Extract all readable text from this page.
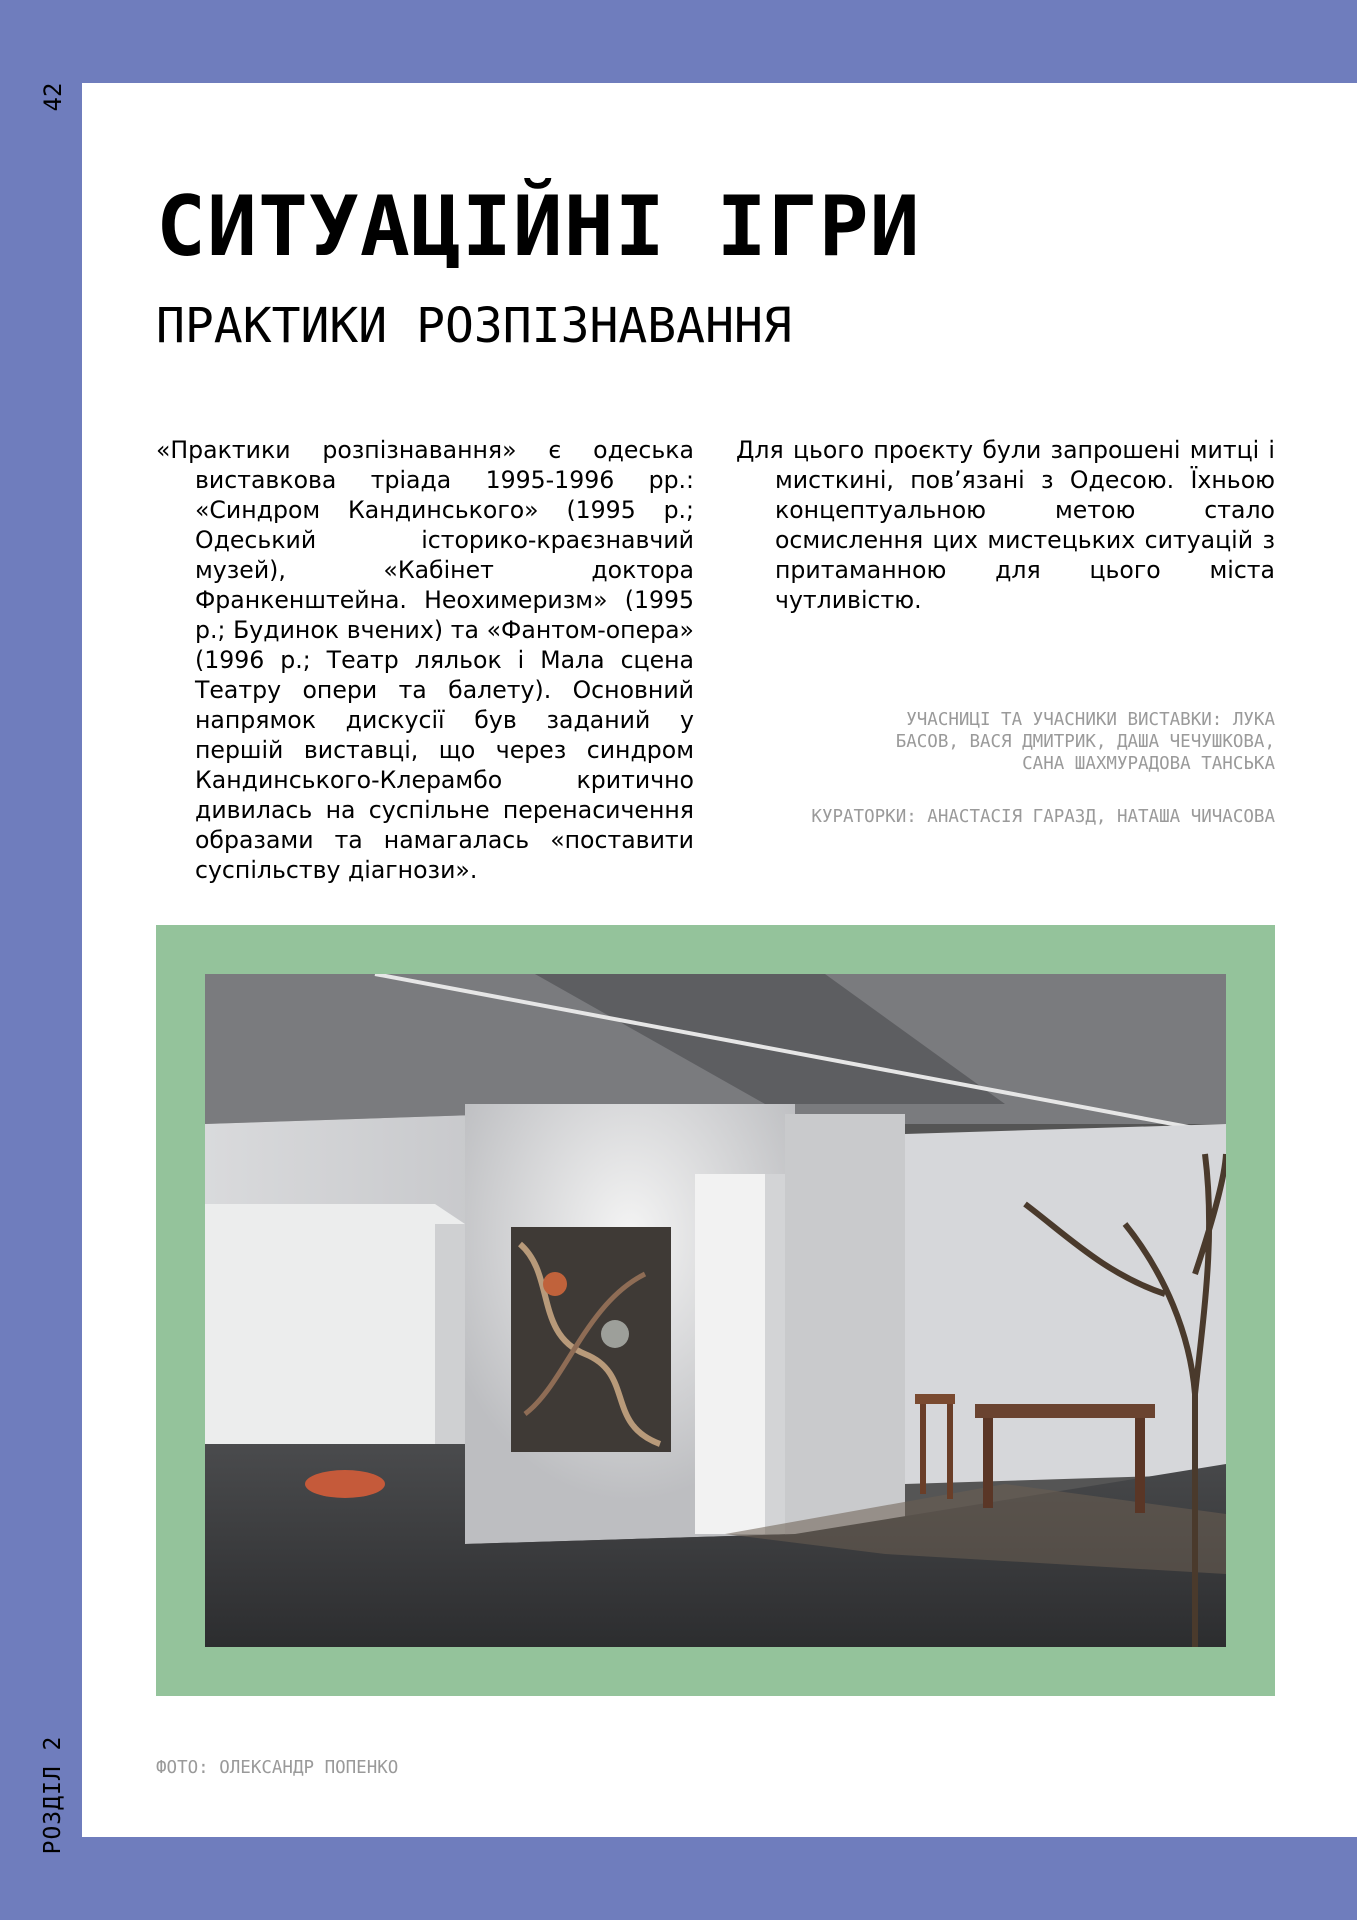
42
РОЗДІЛ 2
СИТУАЦІЙНІ ІГРИ
ПРАКТИКИ РОЗПІЗНАВАННЯ

«Практики розпізнавання» є одеська виставкова тріада 1995-1996 рр.: «Синдром Кандинського» (1995 р.; Одеський історико-краєзнавчий музей), «Кабінет доктора Франкенштейна. Неохимеризм» (1995 р.; Будинок вчених) та «Фантом-опера» (1996 р.; Театр ляльок і Мала сцена Театру опери та балету). Основний напрямок дискусії був заданий у першій виставці, що через синдром Кандинського-Клерамбо критично дивилась на суспільне перенасичення образами та намагалась «поставити суспільству діагнози».

Для цього проєкту були запрошені митці і мисткині, пов’язані з Одесою. Їхньою концептуальною метою стало осмислення цих мистецьких ситуацій з притаманною для цього міста чутливістю.

УЧАСНИЦІ ТА УЧАСНИКИ ВИСТАВКИ: ЛУКА БАСОВ, ВАСЯ ДМИТРИК, ДАША ЧЕЧУШКОВА, САНА ШАХМУРАДОВА ТАНСЬКА

КУРАТОРКИ: АНАСТАСІЯ ГАРАЗД, НАТАША ЧИЧАСОВА

ФОТО: ОЛЕКСАНДР ПОПЕНКО
